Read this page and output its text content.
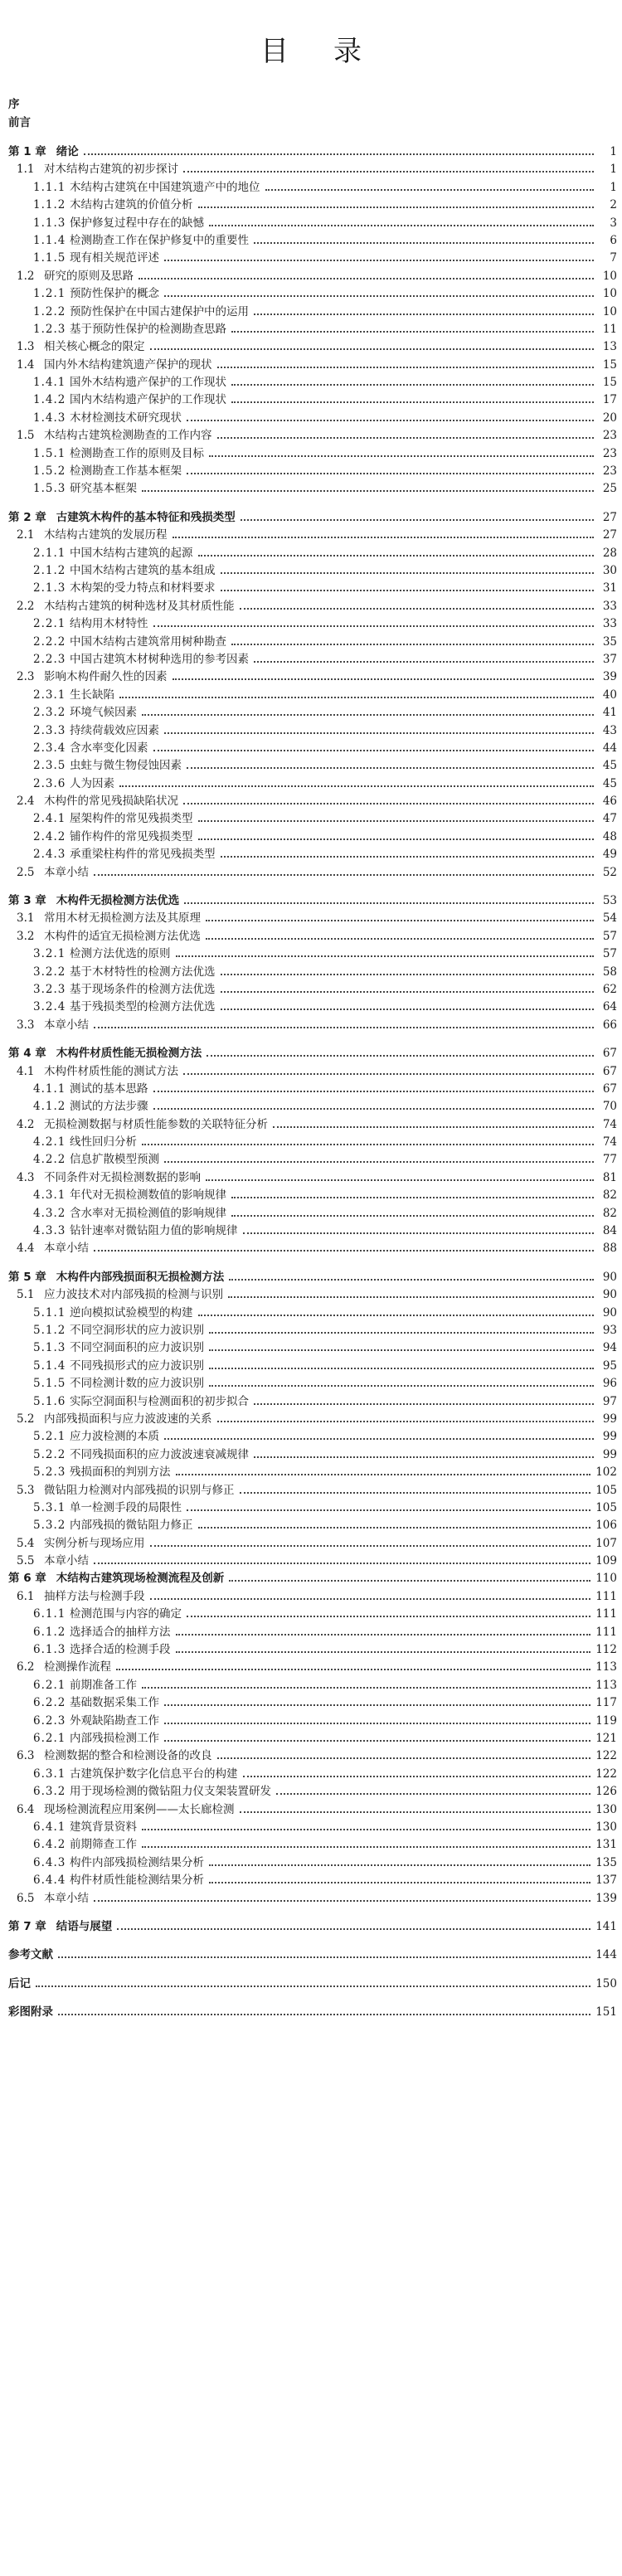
目录
序
前言
第 1 章 绪论	1
1.1 对木结构古建筑的初步探讨	1
1.1.1 木结构古建筑在中国建筑遗产中的地位	1
1.1.2 木结构古建筑的价值分析	2
1.1.3 保护修复过程中存在的缺憾	3
1.1.4 检测勘查工作在保护修复中的重要性	6
1.1.5 现有相关规范评述	7
1.2 研究的原则及思路	10
1.2.1 预防性保护的概念	10
1.2.2 预防性保护在中国古建保护中的运用	10
1.2.3 基于预防性保护的检测勘查思路	11
1.3 相关核心概念的限定	13
1.4 国内外木结构建筑遗产保护的现状	15
1.4.1 国外木结构遗产保护的工作现状	15
1.4.2 国内木结构遗产保护的工作现状	17
1.4.3 木材检测技术研究现状	20
1.5 木结构古建筑检测勘查的工作内容	23
1.5.1 检测勘查工作的原则及目标	23
1.5.2 检测勘查工作基本框架	23
1.5.3 研究基本框架	25
第 2 章 古建筑木构件的基本特征和残损类型	27
2.1 木结构古建筑的发展历程	27
2.1.1 中国木结构古建筑的起源	28
2.1.2 中国木结构古建筑的基本组成	30
2.1.3 木构架的受力特点和材料要求	31
2.2 木结构古建筑的树种选材及其材质性能	33
2.2.1 结构用木材特性	33
2.2.2 中国木结构古建筑常用树种勘查	35
2.2.3 中国古建筑木材树种选用的参考因素	37
2.3 影响木构件耐久性的因素	39
2.3.1 生长缺陷	40
2.3.2 环境气候因素	41
2.3.3 持续荷载效应因素	43
2.3.4 含水率变化因素	44
2.3.5 虫蛀与微生物侵蚀因素	45
2.3.6 人为因素	45
2.4 木构件的常见残损缺陷状况	46
2.4.1 屋架构件的常见残损类型	47
2.4.2 铺作构件的常见残损类型	48
2.4.3 承重梁柱构件的常见残损类型	49
2.5 本章小结	52
第 3 章 木构件无损检测方法优选	53
3.1 常用木材无损检测方法及其原理	54
3.2 木构件的适宜无损检测方法优选	57
3.2.1 检测方法优选的原则	57
3.2.2 基于木材特性的检测方法优选	58
3.2.3 基于现场条件的检测方法优选	62
3.2.4 基于残损类型的检测方法优选	64
3.3 本章小结	66
第 4 章 木构件材质性能无损检测方法	67
4.1 木构件材质性能的测试方法	67
4.1.1 测试的基本思路	67
4.1.2 测试的方法步骤	70
4.2 无损检测数据与材质性能参数的关联特征分析	74
4.2.1 线性回归分析	74
4.2.2 信息扩散模型预测	77
4.3 不同条件对无损检测数据的影响	81
4.3.1 年代对无损检测数值的影响规律	82
4.3.2 含水率对无损检测值的影响规律	82
4.3.3 钻针速率对微钻阻力值的影响规律	84
4.4 本章小结	88
第 5 章 木构件内部残损面积无损检测方法	90
5.1 应力波技术对内部残损的检测与识别	90
5.1.1 逆向模拟试验模型的构建	90
5.1.2 不同空洞形状的应力波识别	93
5.1.3 不同空洞面积的应力波识别	94
5.1.4 不同残损形式的应力波识别	95
5.1.5 不同检测计数的应力波识别	96
5.1.6 实际空洞面积与检测面积的初步拟合	97
5.2 内部残损面积与应力波波速的关系	99
5.2.1 应力波检测的本质	99
5.2.2 不同残损面积的应力波波速衰减规律	99
5.2.3 残损面积的判别方法	102
5.3 微钻阻力检测对内部残损的识别与修正	105
5.3.1 单一检测手段的局限性	105
5.3.2 内部残损的微钻阻力修正	106
5.4 实例分析与现场应用	107
5.5 本章小结	109
第 6 章 木结构古建筑现场检测流程及创新	110
6.1 抽样方法与检测手段	111
6.1.1 检测范围与内容的确定	111
6.1.2 选择适合的抽样方法	111
6.1.3 选择合适的检测手段	112
6.2 检测操作流程	113
6.2.1 前期准备工作	113
6.2.2 基础数据采集工作	117
6.2.3 外观缺陷勘查工作	119
6.2.1 内部残损检测工作	121
6.3 检测数据的整合和检测设备的改良	122
6.3.1 古建筑保护数字化信息平台的构建	122
6.3.2 用于现场检测的微钻阻力仪支架装置研发	126
6.4 现场检测流程应用案例——太长廊检测	130
6.4.1 建筑背景资料	130
6.4.2 前期筛查工作	131
6.4.3 构件内部残损检测结果分析	135
6.4.4 构件材质性能检测结果分析	137
6.5 本章小结	139
第 7 章 结语与展望	141
参考文献	144
后记	150
彩图附录	151
